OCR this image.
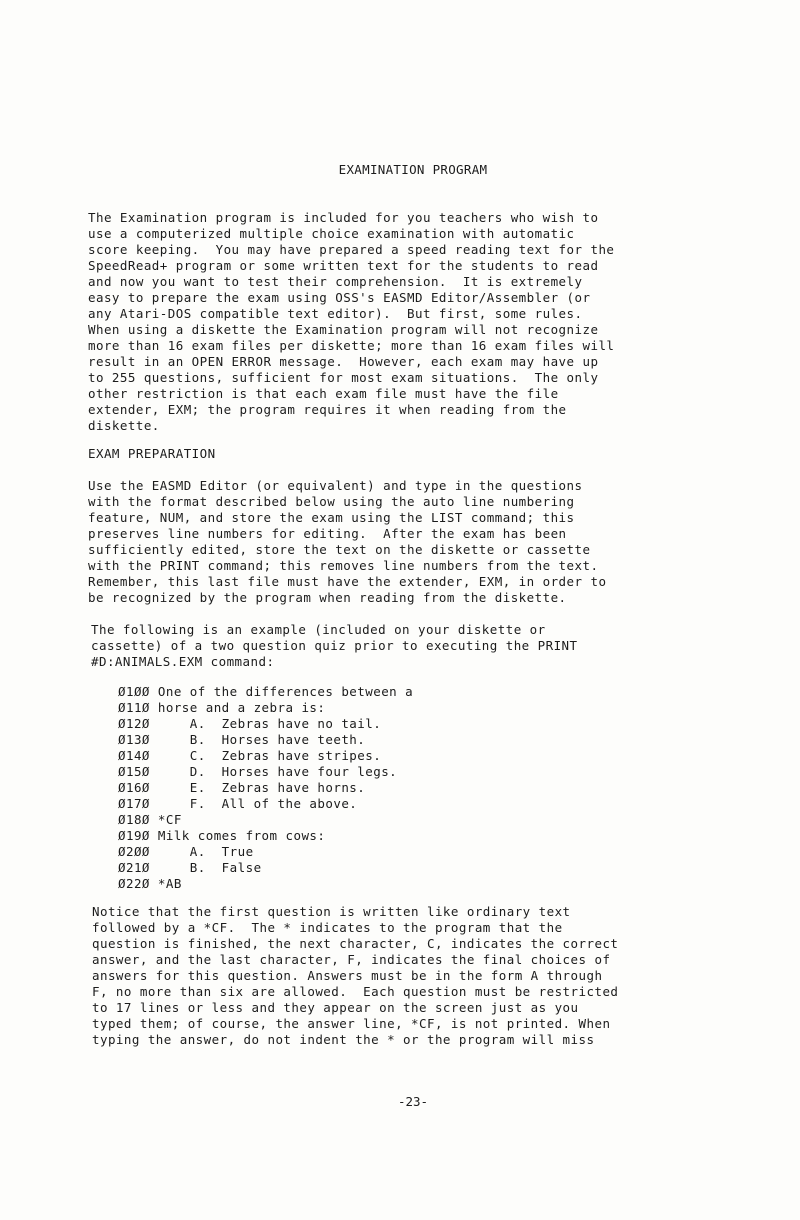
EXAMINATION PROGRAM

The Examination program is included for you teachers who wish to
use a computerized multiple choice examination with automatic
score keeping.  You may have prepared a speed reading text for the
SpeedRead+ program or some written text for the students to read
and now you want to test their comprehension.  It is extremely
easy to prepare the exam using OSS's EASMD Editor/Assembler (or
any Atari-DOS compatible text editor).  But first, some rules.
When using a diskette the Examination program will not recognize
more than 16 exam files per diskette; more than 16 exam files will
result in an OPEN ERROR message.  However, each exam may have up
to 255 questions, sufficient for most exam situations.  The only
other restriction is that each exam file must have the file
extender, EXM; the program requires it when reading from the
diskette.

EXAM PREPARATION

Use the EASMD Editor (or equivalent) and type in the questions
with the format described below using the auto line numbering
feature, NUM, and store the exam using the LIST command; this
preserves line numbers for editing.  After the exam has been
sufficiently edited, store the text on the diskette or cassette
with the PRINT command; this removes line numbers from the text.
Remember, this last file must have the extender, EXM, in order to
be recognized by the program when reading from the diskette.

The following is an example (included on your diskette or
cassette) of a two question quiz prior to executing the PRINT
#D:ANIMALS.EXM command:

Ø1ØØ One of the differences between a
Ø11Ø horse and a zebra is:
Ø12Ø     A.  Zebras have no tail.
Ø13Ø     B.  Horses have teeth.
Ø14Ø     C.  Zebras have stripes.
Ø15Ø     D.  Horses have four legs.
Ø16Ø     E.  Zebras have horns.
Ø17Ø     F.  All of the above.
Ø18Ø *CF
Ø19Ø Milk comes from cows:
Ø2ØØ     A.  True
Ø21Ø     B.  False
Ø22Ø *AB

Notice that the first question is written like ordinary text
followed by a *CF.  The * indicates to the program that the
question is finished, the next character, C, indicates the correct
answer, and the last character, F, indicates the final choices of
answers for this question. Answers must be in the form A through
F, no more than six are allowed.  Each question must be restricted
to 17 lines or less and they appear on the screen just as you
typed them; of course, the answer line, *CF, is not printed. When
typing the answer, do not indent the * or the program will miss

-23-
